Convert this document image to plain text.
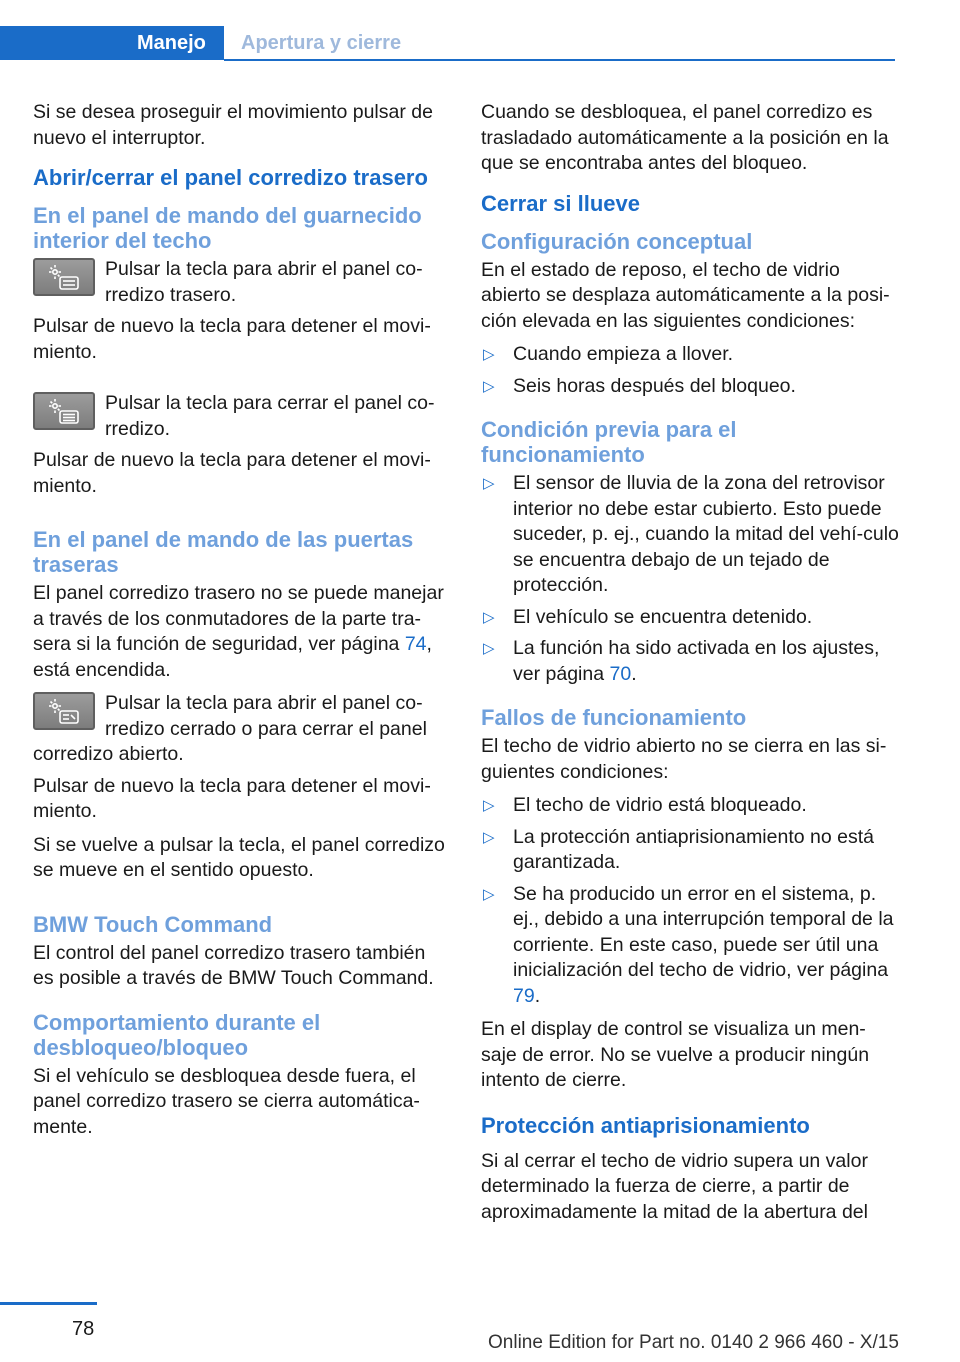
Manejo Apertura y cierre

Si se desea proseguir el movimiento pulsar de nuevo el interruptor.

Abrir/cerrar el panel corredizo trasero
En el panel de mando del guarnecido interior del techo
Pulsar la tecla para abrir el panel co‐rredizo trasero.

Pulsar de nuevo la tecla para detener el movi‐miento.

Pulsar la tecla para cerrar el panel co‐rredizo.

Pulsar de nuevo la tecla para detener el movi‐miento.

En el panel de mando de las puertas traseras

El panel corredizo trasero no se puede manejar a través de los conmutadores de la parte tra‐sera si la función de seguridad, ver página 74, está encendida.

Pulsar la tecla para abrir el panel co‐rredizo cerrado o para cerrar el panel corredizo abierto.

Pulsar de nuevo la tecla para detener el movi‐miento.

Si se vuelve a pulsar la tecla, el panel corredizo se mueve en el sentido opuesto.

BMW Touch Command

El control del panel corredizo trasero también es posible a través de BMW Touch Command.

Comportamiento durante el desbloqueo/bloqueo

Si el vehículo se desbloquea desde fuera, el panel corredizo trasero se cierra automática‐mente.

Cuando se desbloquea, el panel corredizo es trasladado automáticamente a la posición en la que se encontraba antes del bloqueo.

Cerrar si llueve
Configuración conceptual

En el estado de reposo, el techo de vidrio abierto se desplaza automáticamente a la posi‐ción elevada en las siguientes condiciones:

▷ Cuando empieza a llover.
▷ Seis horas después del bloqueo.
Condición previa para el funcionamiento
▷ El sensor de lluvia de la zona del retrovisor interior no debe estar cubierto. Esto puede suceder, p. ej., cuando la mitad del vehí‐culo se encuentra debajo de un tejado de protección.
▷ El vehículo se encuentra detenido.
▷ La función ha sido activada en los ajustes, ver página 70.
Fallos de funcionamiento

El techo de vidrio abierto no se cierra en las si‐guientes condiciones:

▷ El techo de vidrio está bloqueado.
▷ La protección antiaprisionamiento no está garantizada.
▷ Se ha producido un error en el sistema, p. ej., debido a una interrupción temporal de la corriente. En este caso, puede ser útil una inicialización del techo de vidrio, ver página 79.

En el display de control se visualiza un men‐saje de error. No se vuelve a producir ningún intento de cierre.

Protección antiaprisionamiento

Si al cerrar el techo de vidrio supera un valor determinado la fuerza de cierre, a partir de aproximadamente la mitad de la abertura del

78
Online Edition for Part no. 0140 2 966 460 - X/15
